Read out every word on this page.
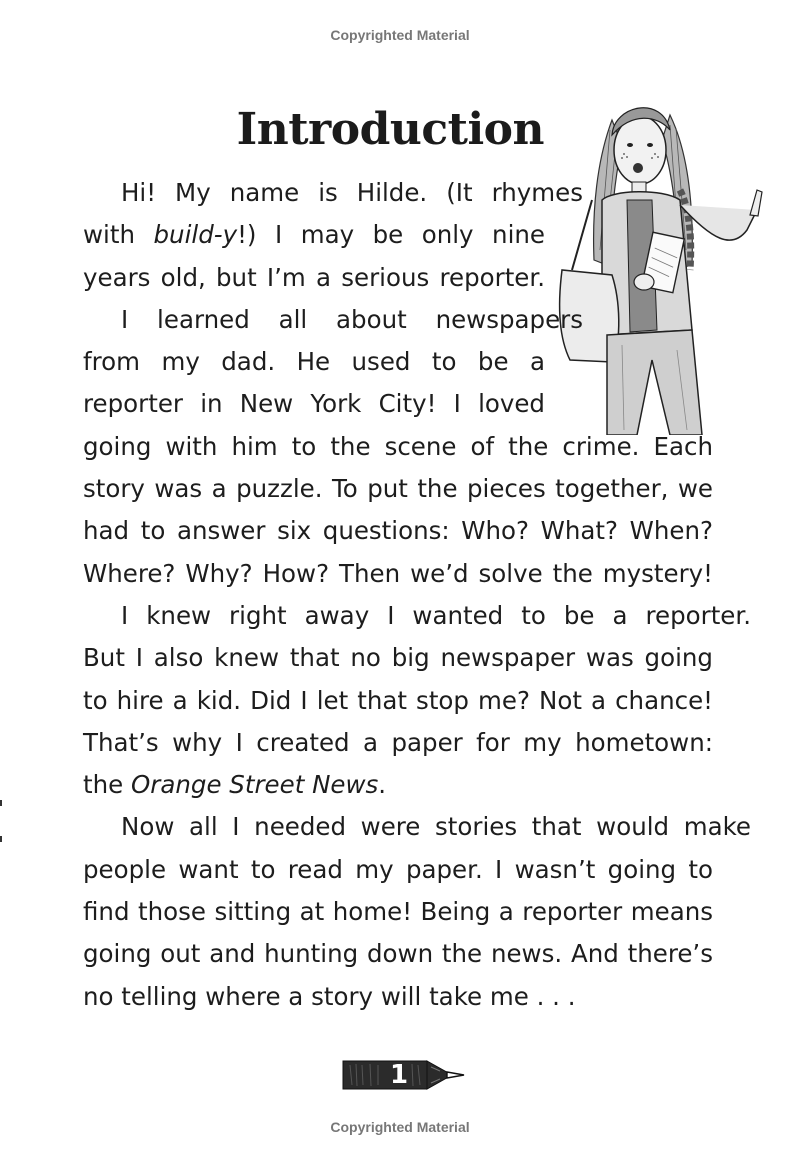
Copyrighted Material
Introduction
Hi! My name is Hilde. (It rhymes
with build-y!) I may be only nine
years old, but I’m a serious reporter.
I learned all about newspapers
from my dad. He used to be a
reporter in New York City! I loved
going with him to the scene of the crime. Each
story was a puzzle. To put the pieces together, we
had to answer six questions: Who? What? When?
Where? Why? How? Then we’d solve the mystery!
I knew right away I wanted to be a reporter.
But I also knew that no big newspaper was going
to hire a kid. Did I let that stop me? Not a chance!
That’s why I created a paper for my hometown:
the Orange Street News.
Now all I needed were stories that would make
people want to read my paper. I wasn’t going to
find those sitting at home! Being a reporter means
going out and hunting down the news. And there’s
no telling where a story will take me . . .
1
Copyrighted Material
